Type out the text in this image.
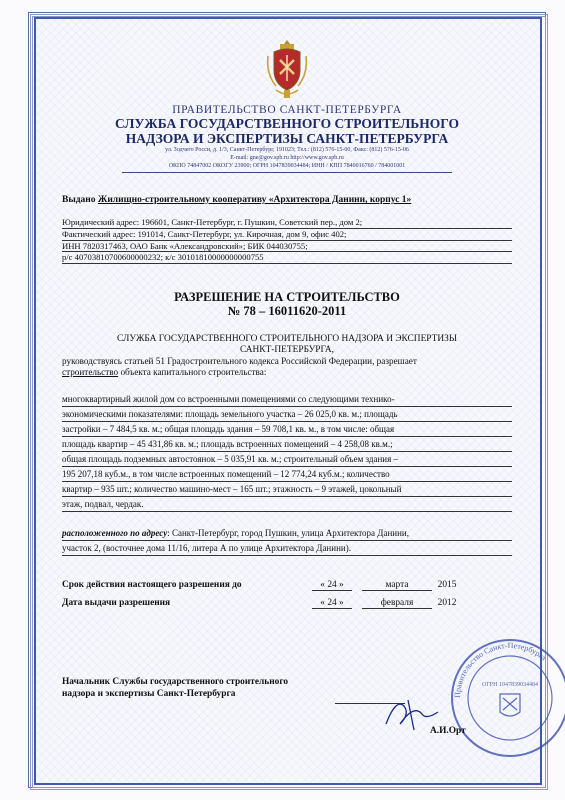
ПРАВИТЕЛЬСТВО САНКТ-ПЕТЕРБУРГА
СЛУЖБА ГОСУДАРСТВЕННОГО СТРОИТЕЛЬНОГО
НАДЗОРА И ЭКСПЕРТИЗЫ САНКТ-ПЕТЕРБУРГА
ул. Зодчего Росси, д. 1/3, Санкт-Петербург, 191023; Тел.: (812) 576-15-00, Факс: (812) 576-15-06
E-mail: gne@gov.spb.ru http://www.gov.spb.ru
ОКПО 74847002 ОКОГУ 23900; ОГРН 1047839034484; ИНН / КПП 7840016760 / 784001001
Выдано Жилищно-строительному кооперативу «Архитектора Данини, корпус 1»
Юридический адрес: 196601, Санкт-Петербург, г. Пушкин, Советский пер., дом 2;
Фактический адрес: 191014, Санкт-Петербург, ул. Кирочная, дом 9, офис 402;
ИНН 7820317463, ОАО Банк «Александровский»; БИК 044030755;
р/с 40703810700600000232; к/с 30101810000000000755
РАЗРЕШЕНИЕ НА СТРОИТЕЛЬСТВО
№ 78 – 16011620-2011
СЛУЖБА ГОСУДАРСТВЕННОГО СТРОИТЕЛЬНОГО НАДЗОРА И ЭКСПЕРТИЗЫ
САНКТ-ПЕТЕРБУРГА,
руководствуясь статьей 51 Градостроительного кодекса Российской Федерации, разрешает
строительство объекта капитального строительства:
многоквартирный жилой дом со встроенными помещениями со следующими технико-
экономическими показателями: площадь земельного участка – 26 025,0 кв. м.; площадь
застройки – 7 484,5 кв. м.; общая площадь здания – 59 708,1 кв. м., в том числе: общая
площадь квартир – 45 431,86 кв. м.; площадь встроенных помещений – 4 258,08 кв.м.;
общая площадь подземных автостоянок – 5 035,91 кв. м.; строительный объем здания –
195 207,18 куб.м., в том числе встроенных помещений – 12 774,24 куб.м.; количество
квартир – 935 шт.; количество машино-мест – 165 шт.; этажность – 9 этажей, цокольный
этаж, подвал, чердак.
расположенного по адресу: Санкт-Петербург, город Пушкин, улица Архитектора Данини,
участок 2, (восточнее дома 11/16, литера А по улице Архитектора Данини).
Срок действия настоящего разрешения до	« 24 »	марта	2015
Дата выдачи разрешения	« 24 »	февраля	2012
Начальник Службы государственного строительного
надзора и экспертизы Санкт-Петербурга	Правительство Санкт-Петербурга
ОГРН 1047839034484
А.И.Орт
